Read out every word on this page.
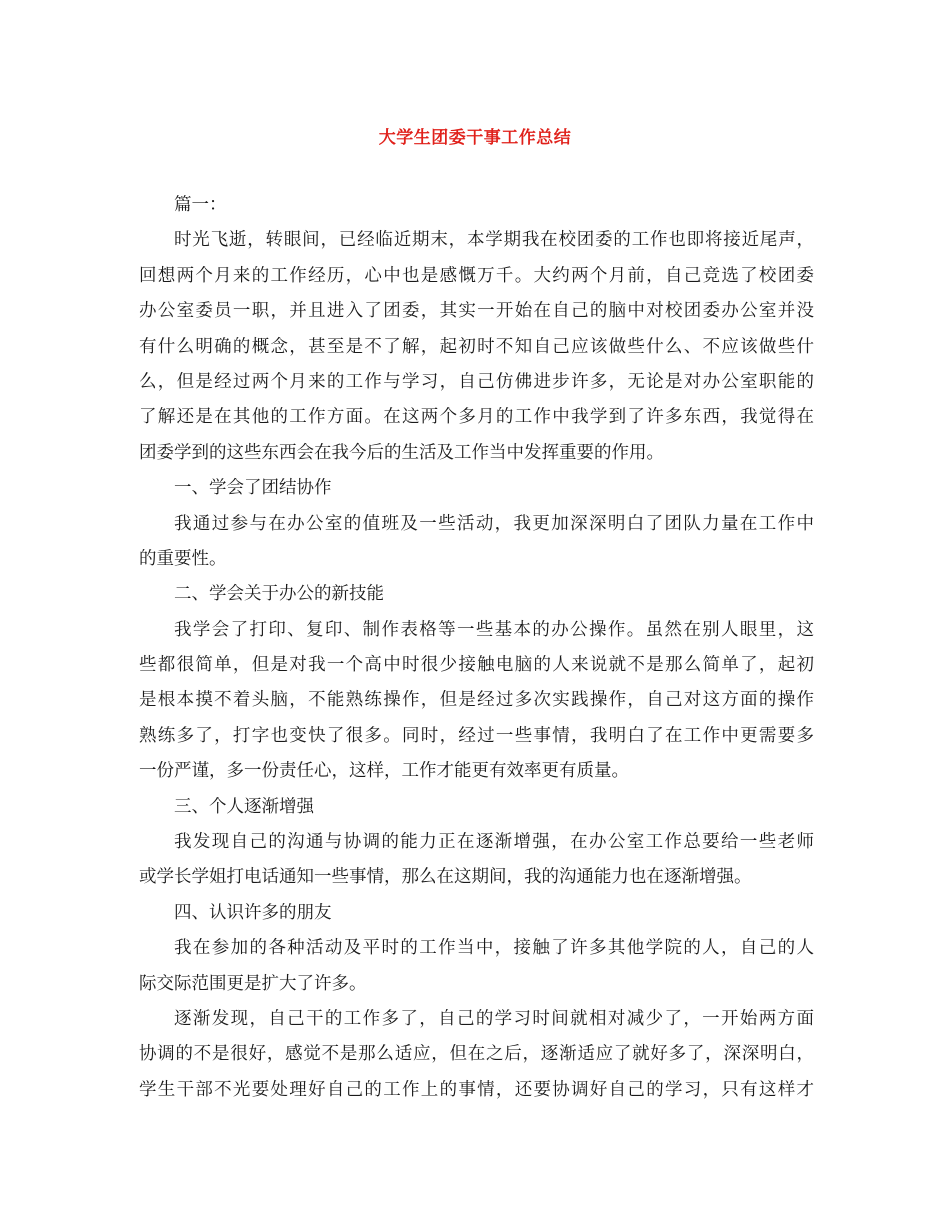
大学生团委干事工作总结
篇一：
时光飞逝，转眼间，已经临近期末，本学期我在校团委的工作也即将接近尾声，
回想两个月来的工作经历，心中也是感慨万千。大约两个月前，自己竞选了校团委
办公室委员一职，并且进入了团委，其实一开始在自己的脑中对校团委办公室并没
有什么明确的概念，甚至是不了解，起初时不知自己应该做些什么、不应该做些什
么，但是经过两个月来的工作与学习，自己仿佛进步许多，无论是对办公室职能的
了解还是在其他的工作方面。在这两个多月的工作中我学到了许多东西，我觉得在
团委学到的这些东西会在我今后的生活及工作当中发挥重要的作用。
一、学会了团结协作
我通过参与在办公室的值班及一些活动，我更加深深明白了团队力量在工作中
的重要性。
二、学会关于办公的新技能
我学会了打印、复印、制作表格等一些基本的办公操作。虽然在别人眼里，这
些都很简单，但是对我一个高中时很少接触电脑的人来说就不是那么简单了，起初
是根本摸不着头脑，不能熟练操作，但是经过多次实践操作，自己对这方面的操作
熟练多了，打字也变快了很多。同时，经过一些事情，我明白了在工作中更需要多
一份严谨，多一份责任心，这样，工作才能更有效率更有质量。
三、个人逐渐增强
我发现自己的沟通与协调的能力正在逐渐增强，在办公室工作总要给一些老师
或学长学姐打电话通知一些事情，那么在这期间，我的沟通能力也在逐渐增强。
四、认识许多的朋友
我在参加的各种活动及平时的工作当中，接触了许多其他学院的人，自己的人
际交际范围更是扩大了许多。
逐渐发现，自己干的工作多了，自己的学习时间就相对减少了，一开始两方面
协调的不是很好，感觉不是那么适应，但在之后，逐渐适应了就好多了，深深明白，
学生干部不光要处理好自己的工作上的事情，还要协调好自己的学习，只有这样才
